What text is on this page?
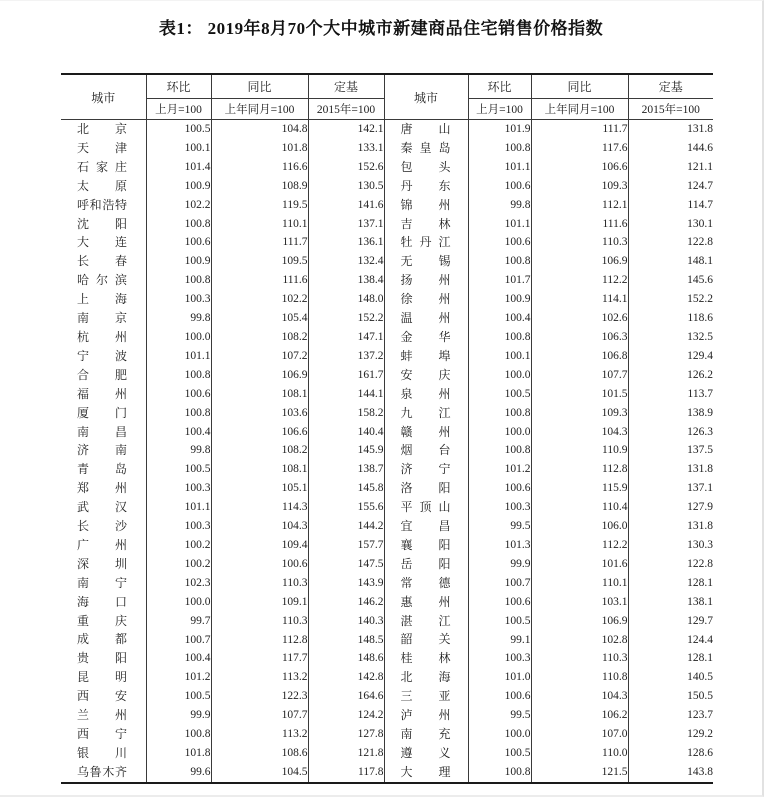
表1： 2019年8月70个大中城市新建商品住宅销售价格指数
城市	环比	同比	定基	城市	环比	同比	定基
	上月=100	上年同月=100	2015年=100		上月=100	上年同月=100	2015年=100
北京	100.5	104.8	142.1	唐山	101.9	111.7	131.8
天津	100.1	101.8	133.1	秦皇岛	100.8	117.6	144.6
石家庄	101.4	116.6	152.6	包头	101.1	106.6	121.1
太原	100.9	108.9	130.5	丹东	100.6	109.3	124.7
呼和浩特	102.2	119.5	141.6	锦州	99.8	112.1	114.7
沈阳	100.8	110.1	137.1	吉林	101.1	111.6	130.1
大连	100.6	111.7	136.1	牡丹江	100.6	110.3	122.8
长春	100.9	109.5	132.4	无锡	100.8	106.9	148.1
哈尔滨	100.8	111.6	138.4	扬州	101.7	112.2	145.6
上海	100.3	102.2	148.0	徐州	100.9	114.1	152.2
南京	99.8	105.4	152.2	温州	100.4	102.6	118.6
杭州	100.0	108.2	147.1	金华	100.8	106.3	132.5
宁波	101.1	107.2	137.2	蚌埠	100.1	106.8	129.4
合肥	100.8	106.9	161.7	安庆	100.0	107.7	126.2
福州	100.6	108.1	144.1	泉州	100.5	101.5	113.7
厦门	100.8	103.6	158.2	九江	100.8	109.3	138.9
南昌	100.4	106.6	140.4	赣州	100.0	104.3	126.3
济南	99.8	108.2	145.9	烟台	100.8	110.9	137.5
青岛	100.5	108.1	138.7	济宁	101.2	112.8	131.8
郑州	100.3	105.1	145.8	洛阳	100.6	115.9	137.1
武汉	101.1	114.3	155.6	平顶山	100.3	110.4	127.9
长沙	100.3	104.3	144.2	宜昌	99.5	106.0	131.8
广州	100.2	109.4	157.7	襄阳	101.3	112.2	130.3
深圳	100.2	100.6	147.5	岳阳	99.9	101.6	122.8
南宁	102.3	110.3	143.9	常德	100.7	110.1	128.1
海口	100.0	109.1	146.2	惠州	100.6	103.1	138.1
重庆	99.7	110.3	140.3	湛江	100.5	106.9	129.7
成都	100.7	112.8	148.5	韶关	99.1	102.8	124.4
贵阳	100.4	117.7	148.6	桂林	100.3	110.3	128.1
昆明	101.2	113.2	142.8	北海	101.0	110.8	140.5
西安	100.5	122.3	164.6	三亚	100.6	104.3	150.5
兰州	99.9	107.7	124.2	泸州	99.5	106.2	123.7
西宁	100.8	113.2	127.8	南充	100.0	107.0	129.2
银川	101.8	108.6	121.8	遵义	100.5	110.0	128.6
乌鲁木齐	99.6	104.5	117.8	大理	100.8	121.5	143.8
